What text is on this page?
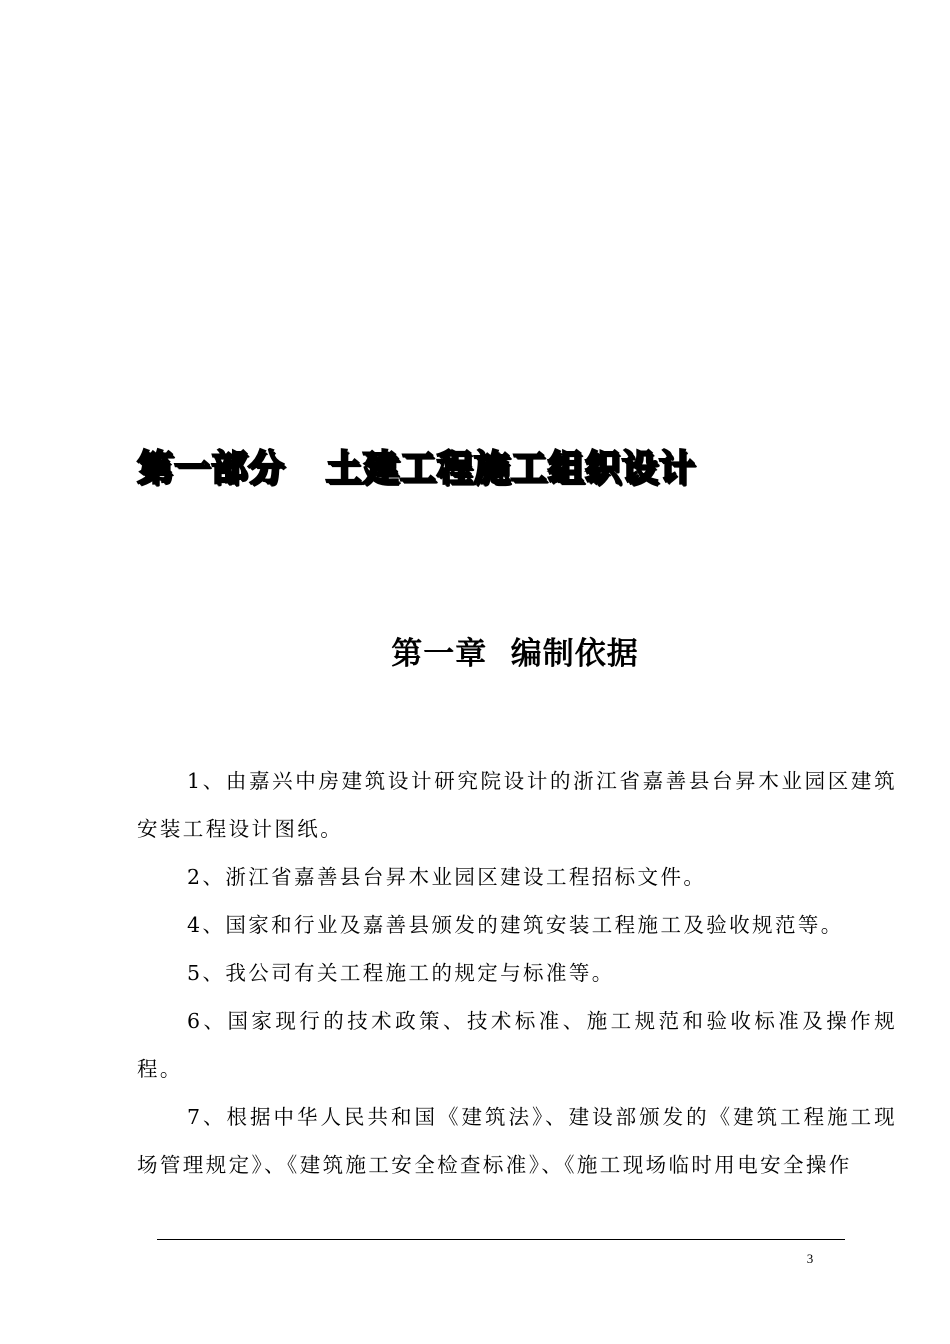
第一部分   土建工程施工组织设计
第一章  编制依据

1、由嘉兴中房建筑设计研究院设计的浙江省嘉善县台昇木业园区建筑安装工程设计图纸。

2、浙江省嘉善县台昇木业园区建设工程招标文件。

4、国家和行业及嘉善县颁发的建筑安装工程施工及验收规范等。

5、我公司有关工程施工的规定与标准等。

6、国家现行的技术政策、技术标准、施工规范和验收标准及操作规程。

7、根据中华人民共和国《建筑法》、建设部颁发的《建筑工程施工现场管理规定》、《建筑施工安全检查标准》、《施工现场临时用电安全操作

3
